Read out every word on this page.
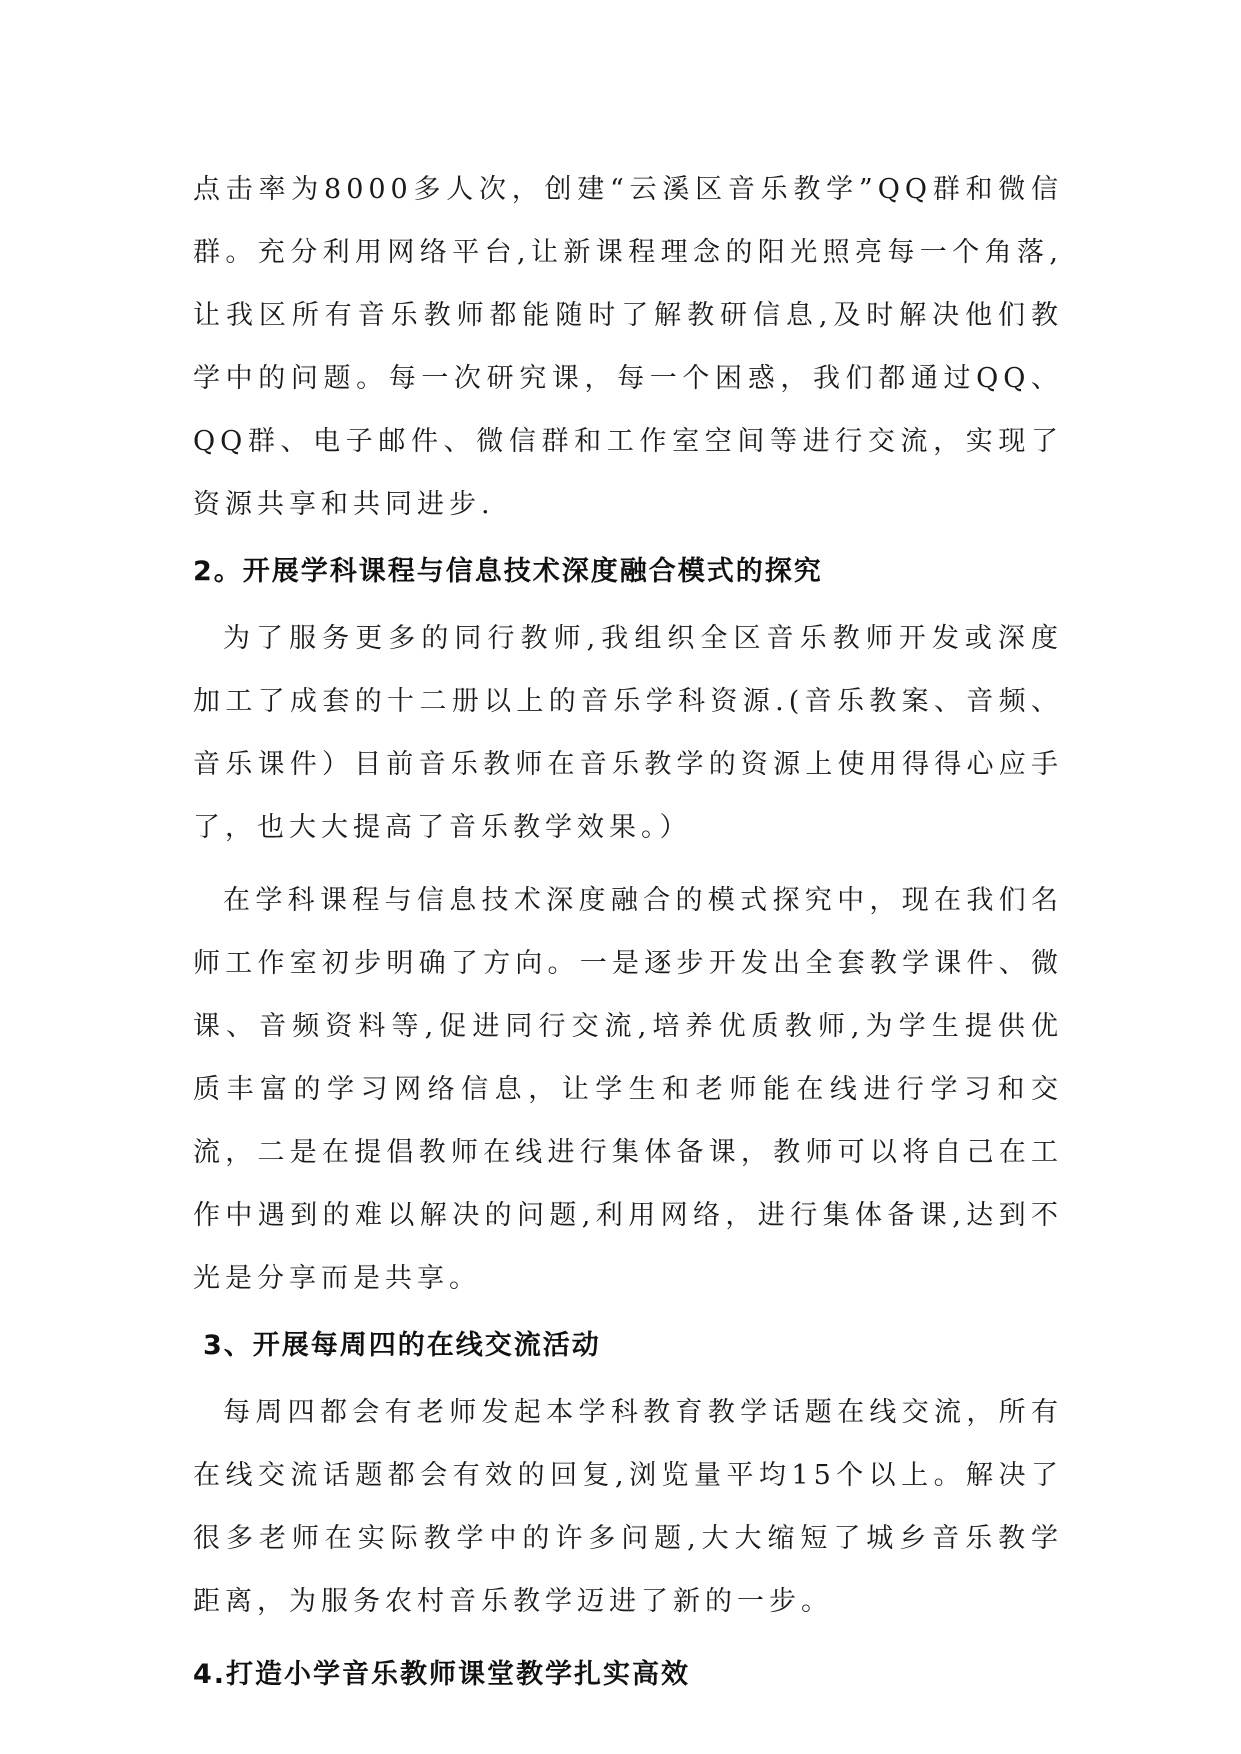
点击率为8000多人次，创建“云溪区音乐教学”QQ群和微信群。充分利用网络平台,让新课程理念的阳光照亮每一个角落,让我区所有音乐教师都能随时了解教研信息,及时解决他们教学中的问题。每一次研究课，每一个困惑，我们都通过QQ、QQ群、电子邮件、微信群和工作室空间等进行交流，实现了资源共享和共同进步.

2。开展学科课程与信息技术深度融合模式的探究

为了服务更多的同行教师,我组织全区音乐教师开发或深度加工了成套的十二册以上的音乐学科资源.(音乐教案、音频、音乐课件）目前音乐教师在音乐教学的资源上使用得得心应手了，也大大提高了音乐教学效果。）

在学科课程与信息技术深度融合的模式探究中，现在我们名师工作室初步明确了方向。一是逐步开发出全套教学课件、微课、音频资料等,促进同行交流,培养优质教师,为学生提供优质丰富的学习网络信息，让学生和老师能在线进行学习和交流，二是在提倡教师在线进行集体备课，教师可以将自己在工作中遇到的难以解决的问题,利用网络，进行集体备课,达到不光是分享而是共享。

3、开展每周四的在线交流活动

每周四都会有老师发起本学科教育教学话题在线交流，所有在线交流话题都会有效的回复,浏览量平均15个以上。解决了很多老师在实际教学中的许多问题,大大缩短了城乡音乐教学距离，为服务农村音乐教学迈进了新的一步。

4.打造小学音乐教师课堂教学扎实高效
